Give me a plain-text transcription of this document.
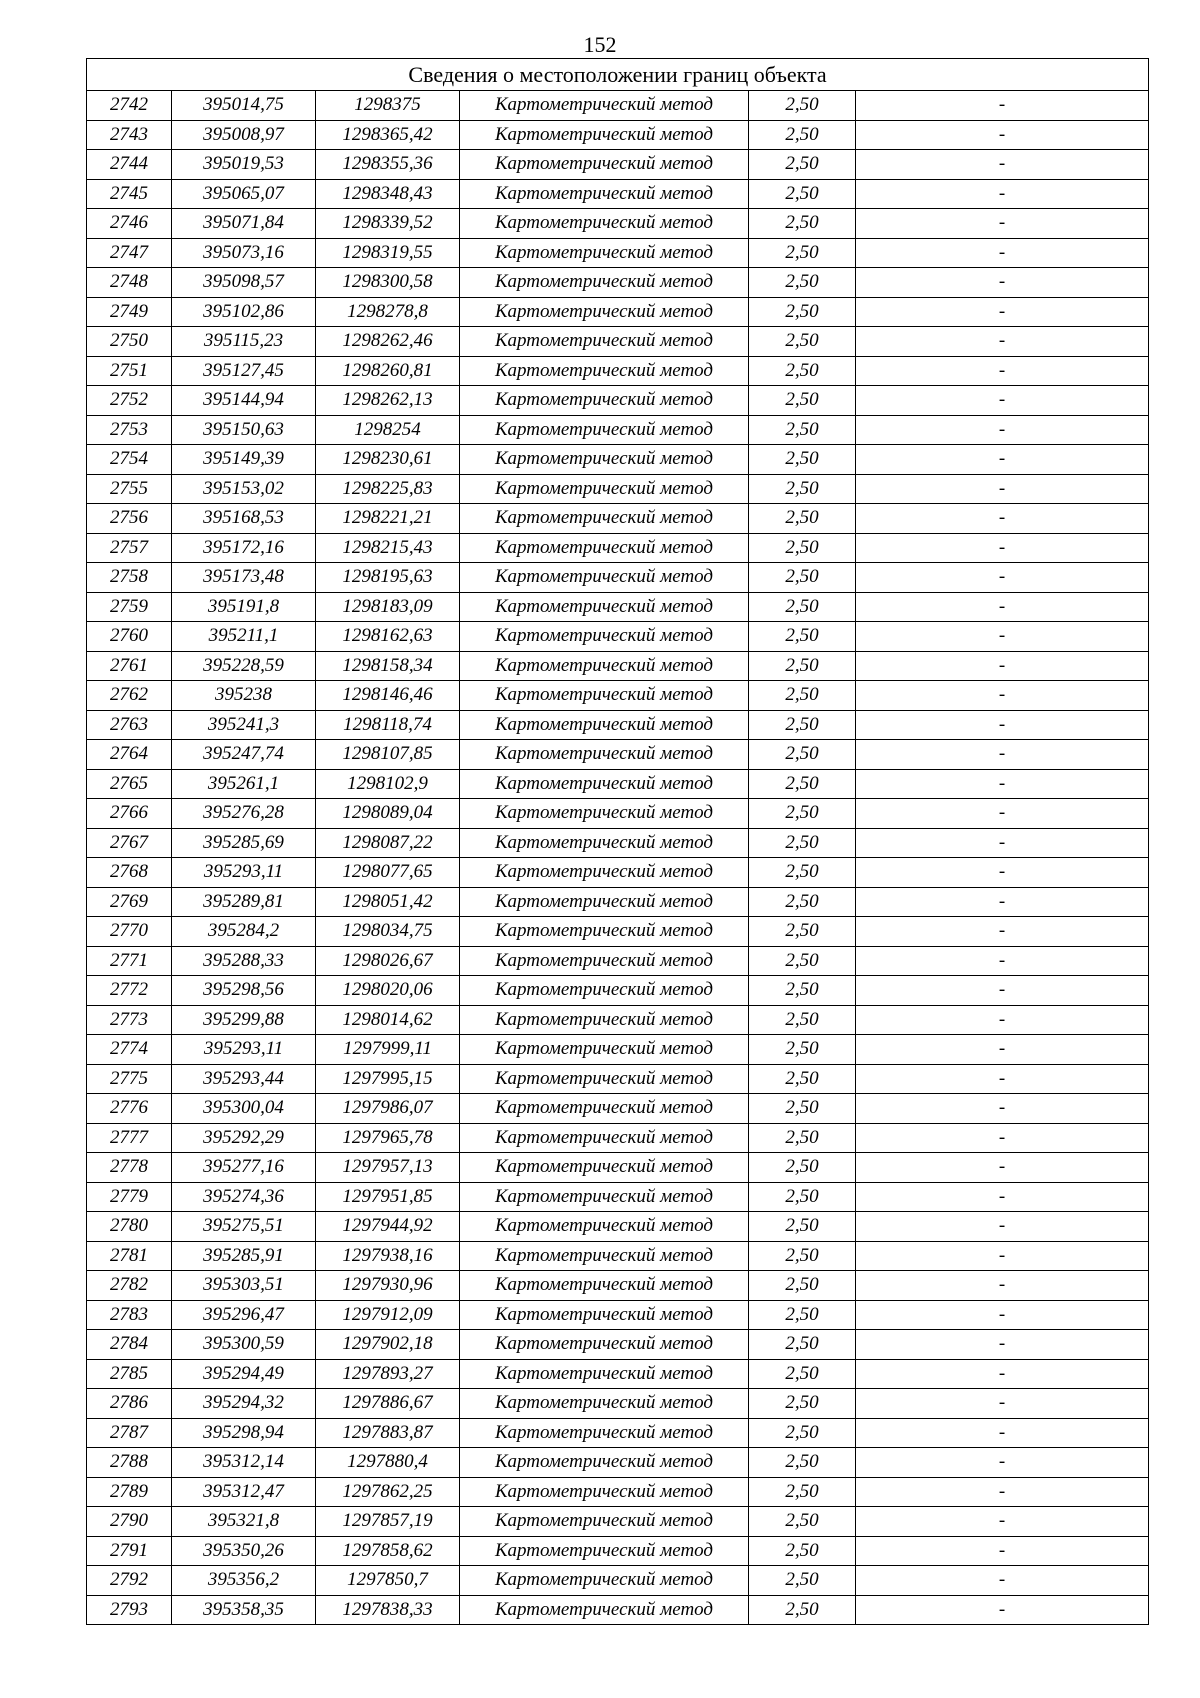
152
Сведения о местоположении границ объекта					
2742	395014,75	1298375	Картометрический метод	2,50	-
2743	395008,97	1298365,42	Картометрический метод	2,50	-
2744	395019,53	1298355,36	Картометрический метод	2,50	-
2745	395065,07	1298348,43	Картометрический метод	2,50	-
2746	395071,84	1298339,52	Картометрический метод	2,50	-
2747	395073,16	1298319,55	Картометрический метод	2,50	-
2748	395098,57	1298300,58	Картометрический метод	2,50	-
2749	395102,86	1298278,8	Картометрический метод	2,50	-
2750	395115,23	1298262,46	Картометрический метод	2,50	-
2751	395127,45	1298260,81	Картометрический метод	2,50	-
2752	395144,94	1298262,13	Картометрический метод	2,50	-
2753	395150,63	1298254	Картометрический метод	2,50	-
2754	395149,39	1298230,61	Картометрический метод	2,50	-
2755	395153,02	1298225,83	Картометрический метод	2,50	-
2756	395168,53	1298221,21	Картометрический метод	2,50	-
2757	395172,16	1298215,43	Картометрический метод	2,50	-
2758	395173,48	1298195,63	Картометрический метод	2,50	-
2759	395191,8	1298183,09	Картометрический метод	2,50	-
2760	395211,1	1298162,63	Картометрический метод	2,50	-
2761	395228,59	1298158,34	Картометрический метод	2,50	-
2762	395238	1298146,46	Картометрический метод	2,50	-
2763	395241,3	1298118,74	Картометрический метод	2,50	-
2764	395247,74	1298107,85	Картометрический метод	2,50	-
2765	395261,1	1298102,9	Картометрический метод	2,50	-
2766	395276,28	1298089,04	Картометрический метод	2,50	-
2767	395285,69	1298087,22	Картометрический метод	2,50	-
2768	395293,11	1298077,65	Картометрический метод	2,50	-
2769	395289,81	1298051,42	Картометрический метод	2,50	-
2770	395284,2	1298034,75	Картометрический метод	2,50	-
2771	395288,33	1298026,67	Картометрический метод	2,50	-
2772	395298,56	1298020,06	Картометрический метод	2,50	-
2773	395299,88	1298014,62	Картометрический метод	2,50	-
2774	395293,11	1297999,11	Картометрический метод	2,50	-
2775	395293,44	1297995,15	Картометрический метод	2,50	-
2776	395300,04	1297986,07	Картометрический метод	2,50	-
2777	395292,29	1297965,78	Картометрический метод	2,50	-
2778	395277,16	1297957,13	Картометрический метод	2,50	-
2779	395274,36	1297951,85	Картометрический метод	2,50	-
2780	395275,51	1297944,92	Картометрический метод	2,50	-
2781	395285,91	1297938,16	Картометрический метод	2,50	-
2782	395303,51	1297930,96	Картометрический метод	2,50	-
2783	395296,47	1297912,09	Картометрический метод	2,50	-
2784	395300,59	1297902,18	Картометрический метод	2,50	-
2785	395294,49	1297893,27	Картометрический метод	2,50	-
2786	395294,32	1297886,67	Картометрический метод	2,50	-
2787	395298,94	1297883,87	Картометрический метод	2,50	-
2788	395312,14	1297880,4	Картометрический метод	2,50	-
2789	395312,47	1297862,25	Картометрический метод	2,50	-
2790	395321,8	1297857,19	Картометрический метод	2,50	-
2791	395350,26	1297858,62	Картометрический метод	2,50	-
2792	395356,2	1297850,7	Картометрический метод	2,50	-
2793	395358,35	1297838,33	Картометрический метод	2,50	-
